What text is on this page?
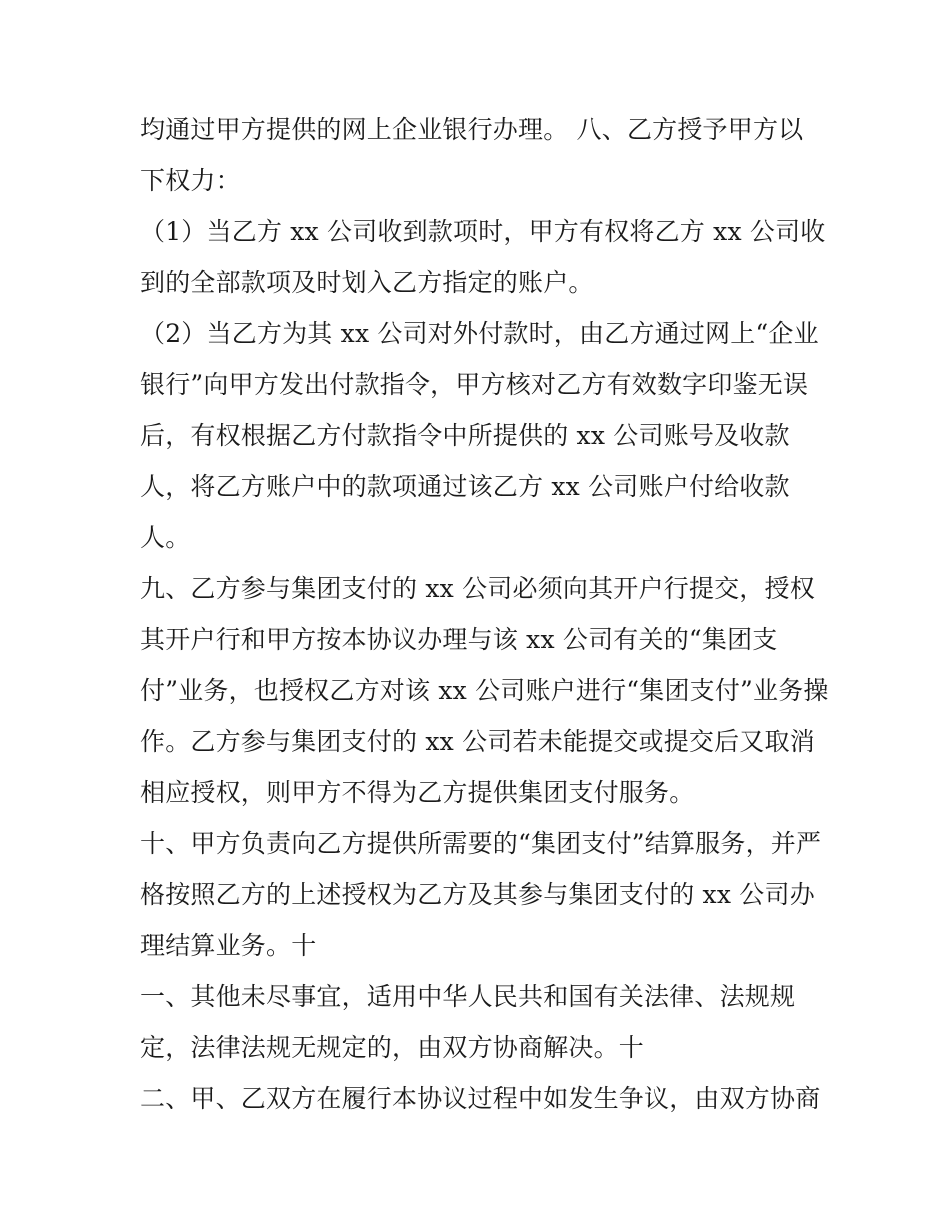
均通过甲方提供的网上企业银行办理。 八、乙方授予甲方以
下权力：
（1）当乙方 xx 公司收到款项时，甲方有权将乙方 xx 公司收
到的全部款项及时划入乙方指定的账户。
（2）当乙方为其 xx 公司对外付款时，由乙方通过网上“企业
银行”向甲方发出付款指令，甲方核对乙方有效数字印鉴无误
后，有权根据乙方付款指令中所提供的 xx 公司账号及收款
人，将乙方账户中的款项通过该乙方 xx 公司账户付给收款
人。
九、乙方参与集团支付的 xx 公司必须向其开户行提交，授权
其开户行和甲方按本协议办理与该 xx 公司有关的“集团支
付”业务，也授权乙方对该 xx 公司账户进行“集团支付”业务操
作。乙方参与集团支付的 xx 公司若未能提交或提交后又取消
相应授权，则甲方不得为乙方提供集团支付服务。
十、甲方负责向乙方提供所需要的“集团支付”结算服务，并严
格按照乙方的上述授权为乙方及其参与集团支付的 xx 公司办
理结算业务。十
一、其他未尽事宜，适用中华人民共和国有关法律、法规规
定，法律法规无规定的，由双方协商解决。十
二、甲、乙双方在履行本协议过程中如发生争议，由双方协商
